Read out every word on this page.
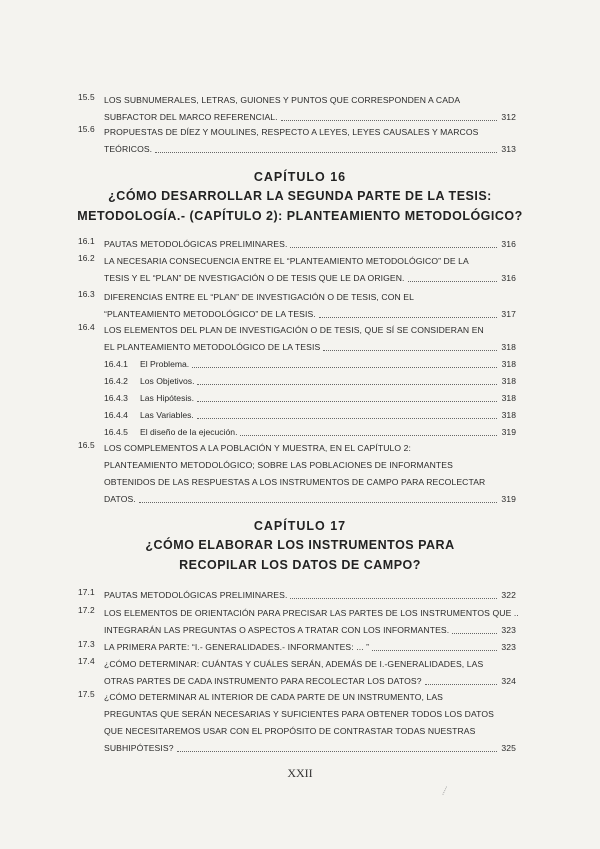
15.5	LOS SUBNUMERALES, LETRAS, GUIONES Y PUNTOS QUE CORRESPONDEN A CADA
SUBFACTOR DEL MARCO REFERENCIAL.	312
15.6	PROPUESTAS DE DÍEZ Y MOULINES, RESPECTO A LEYES, LEYES CAUSALES Y MARCOS
TEÓRICOS.	313
CAPÍTULO 16
¿CÓMO DESARROLLAR LA SEGUNDA PARTE DE LA TESIS:
METODOLOGÍA.- (CAPÍTULO 2): PLANTEAMIENTO METODOLÓGICO?
16.1	PAUTAS METODOLÓGICAS PRELIMINARES.	316
16.2	LA NECESARIA CONSECUENCIA ENTRE EL “PLANTEAMIENTO METODOLÓGICO” DE LA
TESIS Y EL “PLAN” DE NVESTIGACIÓN O DE TESIS QUE LE DA ORIGEN.	316
16.3	DIFERENCIAS ENTRE EL “PLAN” DE INVESTIGACIÓN O DE TESIS, CON EL
“PLANTEAMIENTO METODOLÓGICO” DE LA TESIS.	317
16.4	LOS ELEMENTOS DEL PLAN DE INVESTIGACIÓN O DE TESIS, QUE SÍ SE CONSIDERAN EN
EL PLANTEAMIENTO METODOLÓGICO DE LA TESIS	318
16.4.1	El Problema.	318
16.4.2	Los Objetivos.	318
16.4.3	Las Hipótesis.	318
16.4.4	Las Variables.	318
16.4.5	El diseño de la ejecución.	319
16.5	LOS COMPLEMENTOS A LA POBLACIÓN Y MUESTRA, EN EL CAPÍTULO 2:
PLANTEAMIENTO METODOLÓGICO; SOBRE LAS POBLACIONES DE INFORMANTES
OBTENIDOS DE LAS RESPUESTAS A LOS INSTRUMENTOS DE CAMPO PARA RECOLECTAR
DATOS.	319
CAPÍTULO 17
¿CÓMO ELABORAR LOS INSTRUMENTOS PARA
RECOPILAR LOS DATOS DE CAMPO?
17.1	PAUTAS METODOLÓGICAS PRELIMINARES.	322
17.2	LOS ELEMENTOS DE ORIENTACIÓN PARA PRECISAR LAS PARTES DE LOS INSTRUMENTOS QUE ..
INTEGRARÁN LAS PREGUNTAS O ASPECTOS A TRATAR CON LOS INFORMANTES.	323
17.3	LA PRIMERA PARTE: “I.- GENERALIDADES.- INFORMANTES: ... ”	323
17.4	¿CÓMO DETERMINAR: CUÁNTAS Y CUÁLES SERÁN, ADEMÁS DE I.-GENERALIDADES, LAS
OTRAS PARTES DE CADA INSTRUMENTO PARA RECOLECTAR LOS DATOS?	324
17.5	¿CÓMO DETERMINAR AL INTERIOR DE CADA PARTE DE UN INSTRUMENTO, LAS
PREGUNTAS QUE SERÁN NECESARIAS Y SUFICIENTES PARA OBTENER TODOS LOS DATOS
QUE NECESITAREMOS USAR CON EL PROPÓSITO DE CONTRASTAR TODAS NUESTRAS
SUBHIPÓTESIS?	325
XXII
